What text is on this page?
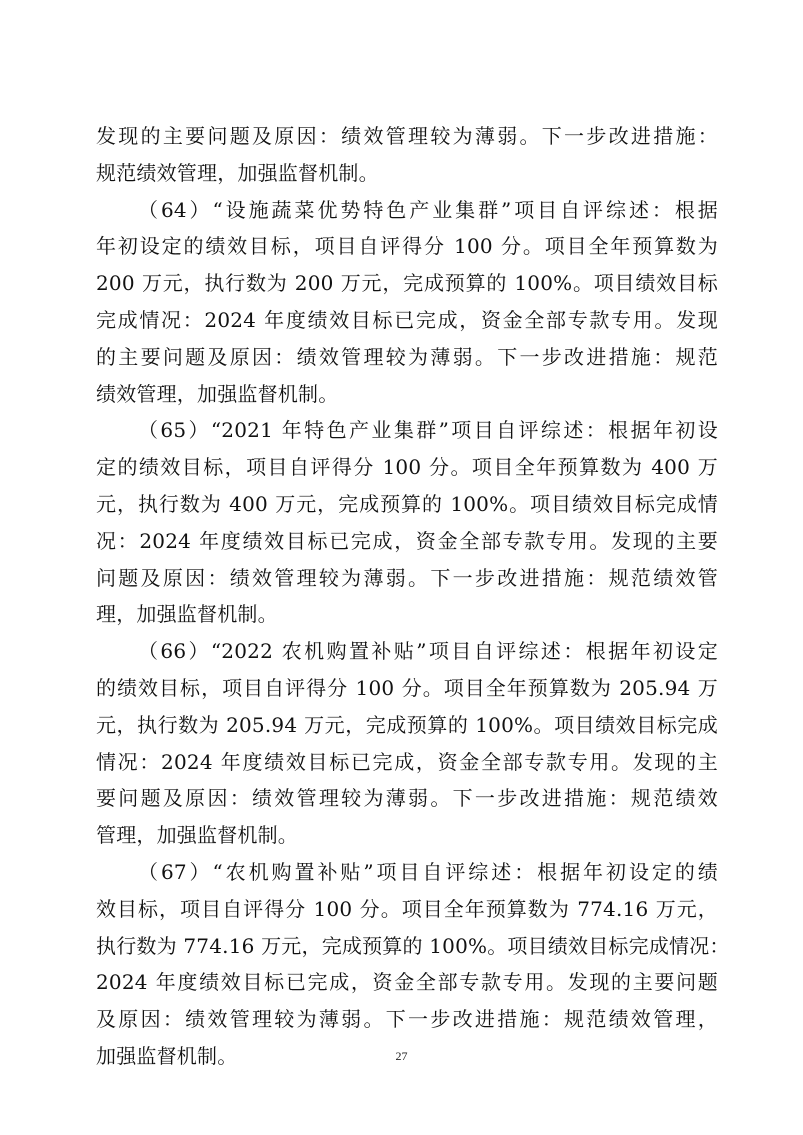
发现的主要问题及原因：绩效管理较为薄弱。下一步改进措施：
规范绩效管理，加强监督机制。
（64）“设施蔬菜优势特色产业集群”项目自评综述：根据
年初设定的绩效目标，项目自评得分 100 分。项目全年预算数为
200 万元，执行数为 200 万元，完成预算的 100%。项目绩效目标
完成情况：2024 年度绩效目标已完成，资金全部专款专用。发现
的主要问题及原因：绩效管理较为薄弱。下一步改进措施：规范
绩效管理，加强监督机制。
（65）“2021 年特色产业集群”项目自评综述：根据年初设
定的绩效目标，项目自评得分 100 分。项目全年预算数为 400 万
元，执行数为 400 万元，完成预算的 100%。项目绩效目标完成情
况：2024 年度绩效目标已完成，资金全部专款专用。发现的主要
问题及原因：绩效管理较为薄弱。下一步改进措施：规范绩效管
理，加强监督机制。
（66）“2022 农机购置补贴”项目自评综述：根据年初设定
的绩效目标，项目自评得分 100 分。项目全年预算数为 205.94 万
元，执行数为 205.94 万元，完成预算的 100%。项目绩效目标完成
情况：2024 年度绩效目标已完成，资金全部专款专用。发现的主
要问题及原因：绩效管理较为薄弱。下一步改进措施：规范绩效
管理，加强监督机制。
（67）“农机购置补贴”项目自评综述：根据年初设定的绩
效目标，项目自评得分 100 分。项目全年预算数为 774.16 万元，
执行数为 774.16 万元，完成预算的 100%。项目绩效目标完成情况：
2024 年度绩效目标已完成，资金全部专款专用。发现的主要问题
及原因：绩效管理较为薄弱。下一步改进措施：规范绩效管理，
加强监督机制。	27
